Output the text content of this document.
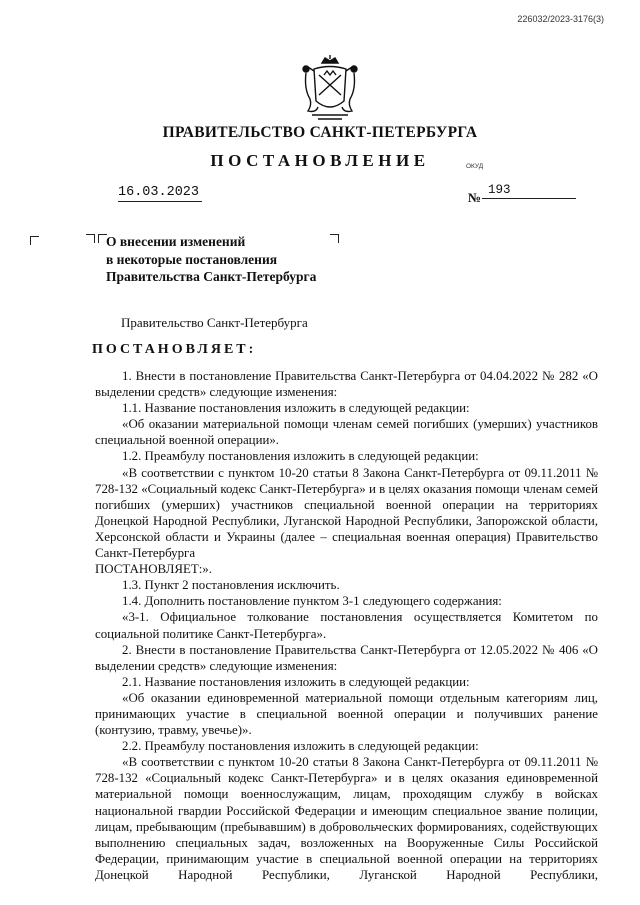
226032/2023-3176(3)
ПРАВИТЕЛЬСТВО САНКТ-ПЕТЕРБУРГА
ПОСТАНОВЛЕНИЕ	ОКУД
16.03.2023	№ 193
О внесении изменений
в некоторые постановления
Правительства Санкт-Петербурга
Правительство Санкт-Петербурга
ПОСТАНОВЛЯЕТ:

1. Внести в постановление Правительства Санкт-Петербурга от 04.04.2022 № 282 «О выделении средств» следующие изменения:

1.1. Название постановления изложить в следующей редакции:

«Об оказании материальной помощи членам семей погибших (умерших) участников специальной военной операции».

1.2. Преамбулу постановления изложить в следующей редакции:

«В соответствии с пунктом 10-20 статьи 8 Закона Санкт-Петербурга от 09.11.2011 № 728-132 «Социальный кодекс Санкт-Петербурга» и в целях оказания помощи членам семей погибших (умерших) участников специальной военной операции на территориях Донецкой Народной Республики, Луганской Народной Республики, Запорожской области, Херсонской области и Украины (далее – специальная военная операция) Правительство Санкт-Петербурга

ПОСТАНОВЛЯЕТ:».

1.3. Пункт 2 постановления исключить.

1.4. Дополнить постановление пунктом 3-1 следующего содержания:

«3-1. Официальное толкование постановления осуществляется Комитетом по социальной политике Санкт-Петербурга».

2. Внести в постановление Правительства Санкт-Петербурга от 12.05.2022 № 406 «О выделении средств» следующие изменения:

2.1. Название постановления изложить в следующей редакции:

«Об оказании единовременной материальной помощи отдельным категориям лиц, принимающих участие в специальной военной операции и получивших ранение (контузию, травму, увечье)».

2.2. Преамбулу постановления изложить в следующей редакции:

«В соответствии с пунктом 10-20 статьи 8 Закона Санкт-Петербурга от 09.11.2011 № 728-132 «Социальный кодекс Санкт-Петербурга» и в целях оказания единовременной материальной помощи военнослужащим, лицам, проходящим службу в войсках национальной гвардии Российской Федерации и имеющим специальное звание полиции, лицам, пребывающим (пребывавшим) в добровольческих формированиях, содействующих выполнению специальных задач, возложенных на Вооруженные Силы Российской Федерации, принимающим участие в специальной военной операции на территориях Донецкой Народной Республики, Луганской Народной Республики,
